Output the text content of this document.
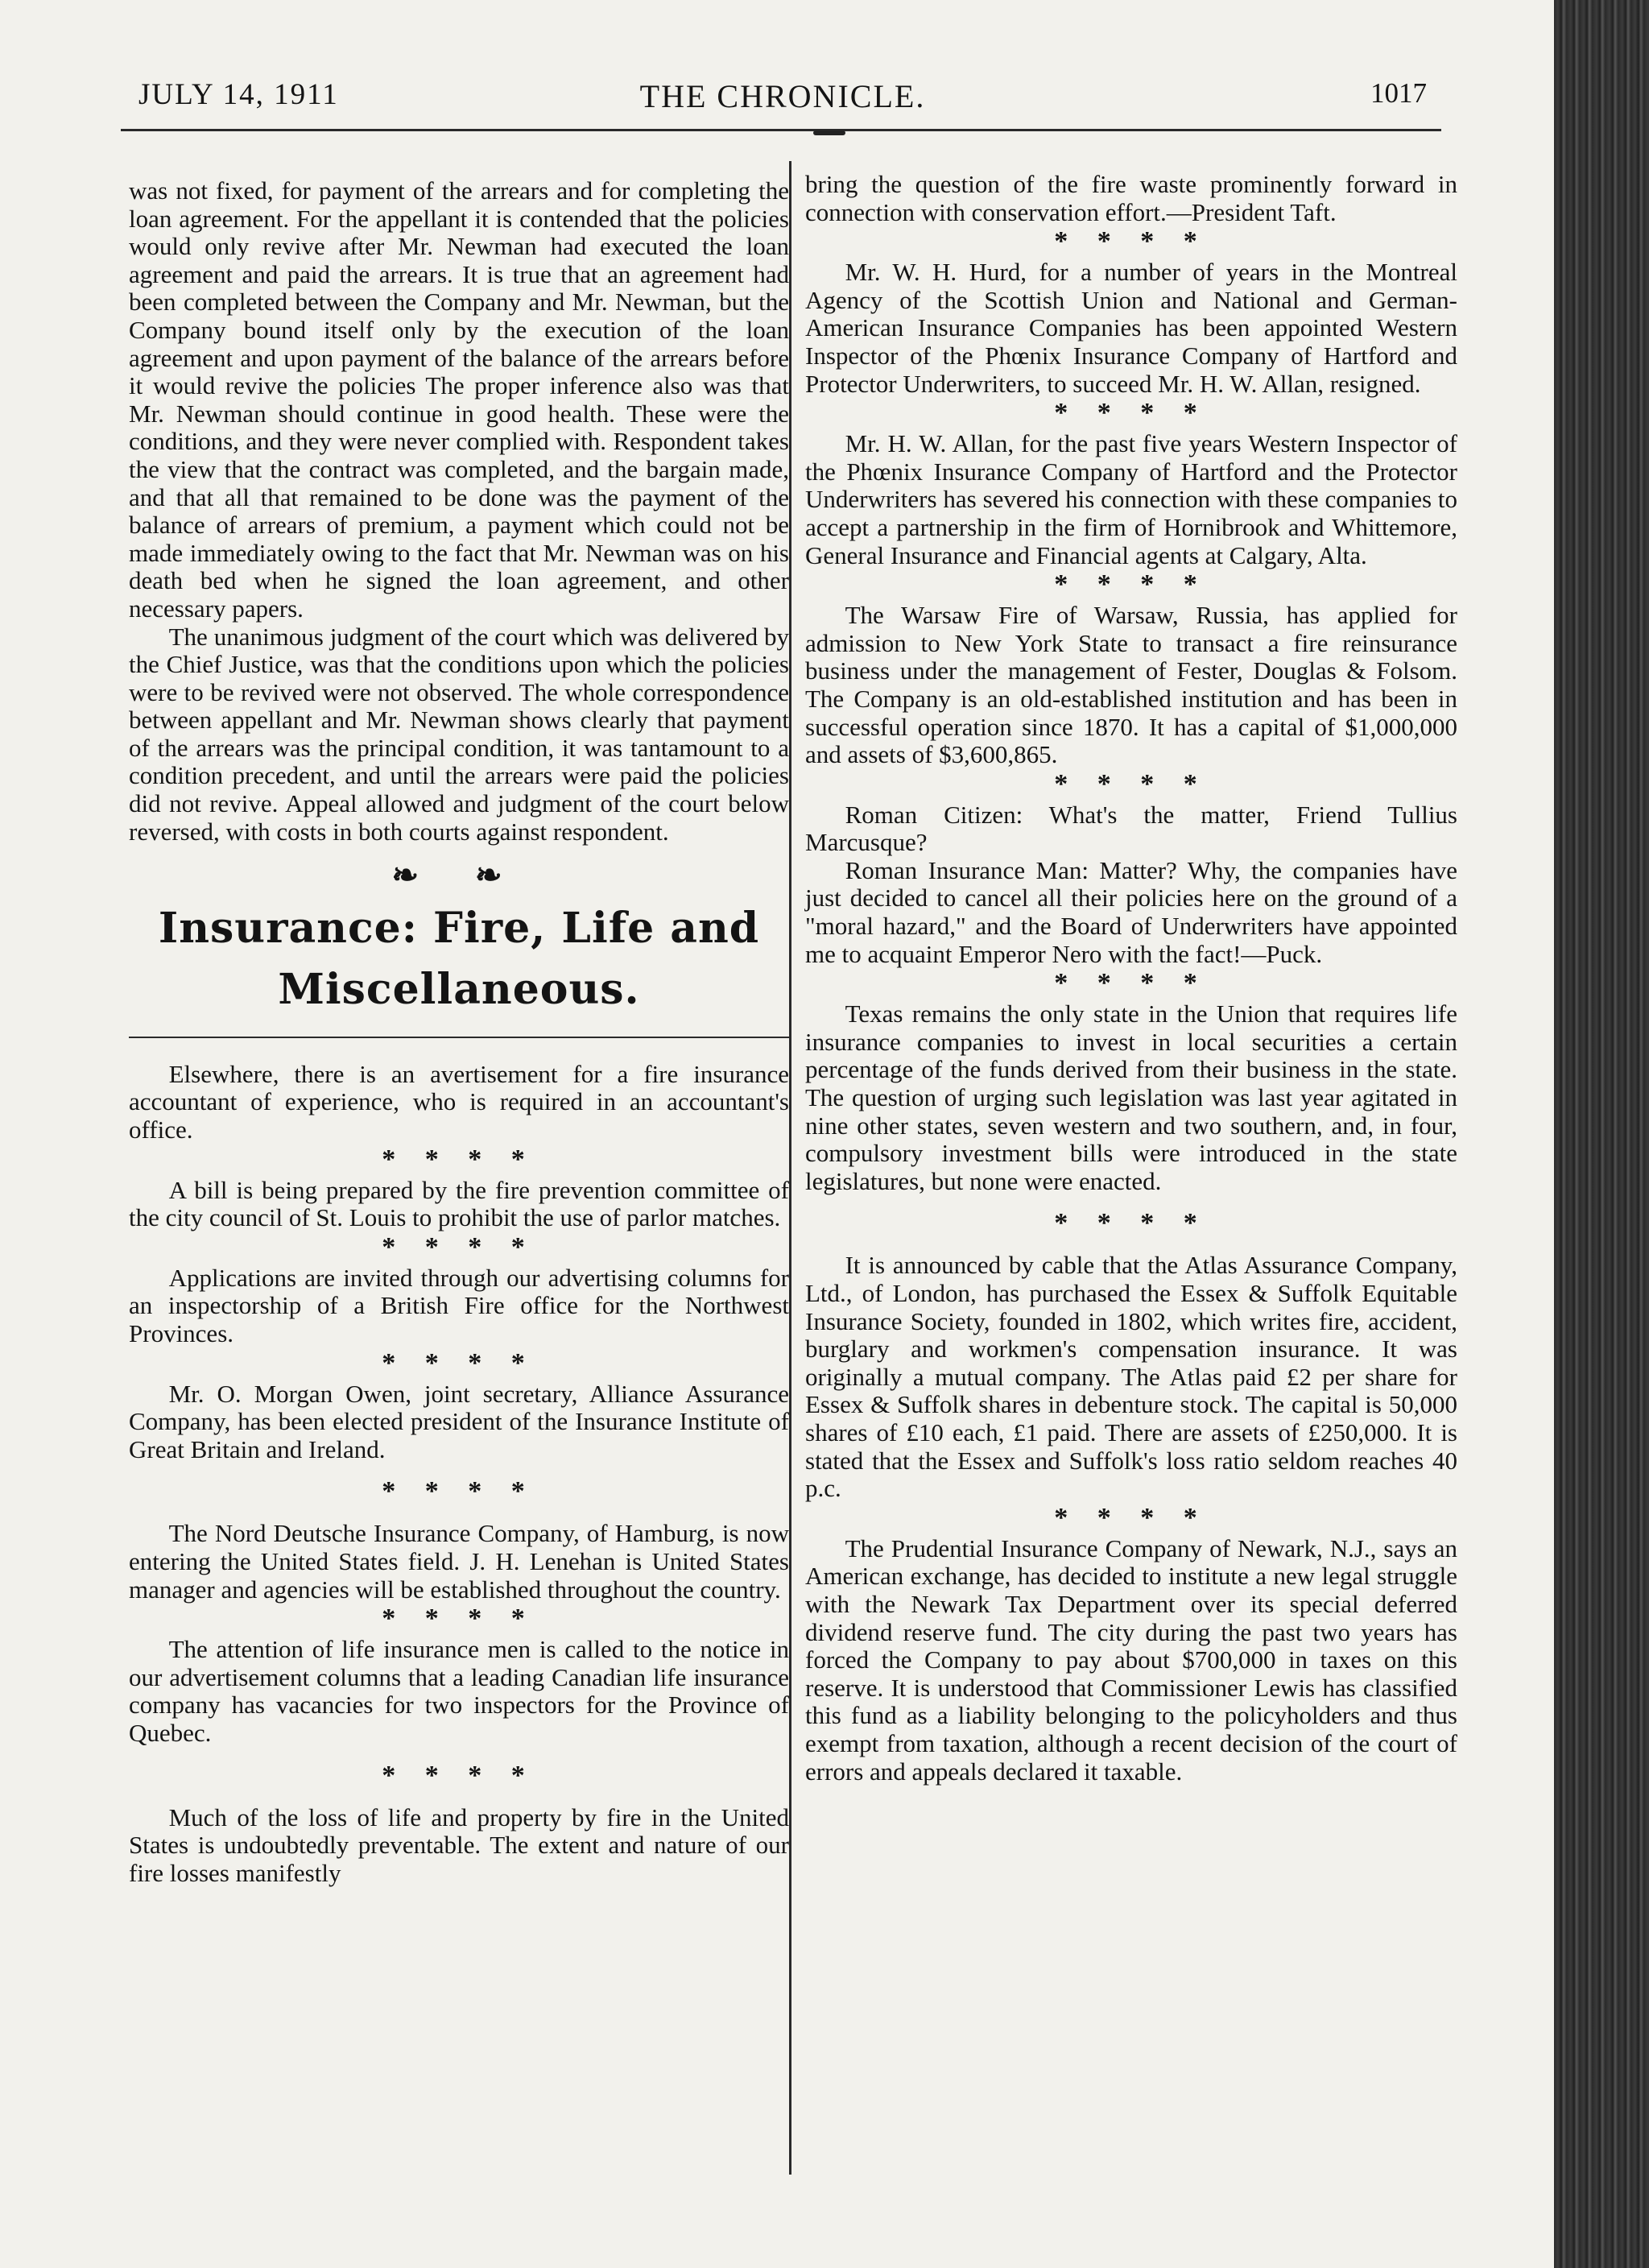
JULY 14, 1911	THE CHRONICLE.	1017

was not fixed, for payment of the arrears and for completing the loan agreement. For the appellant it is contended that the policies would only revive after Mr. Newman had executed the loan agreement and paid the arrears. It is true that an agreement had been completed between the Company and Mr. Newman, but the Company bound itself only by the execution of the loan agreement and upon payment of the balance of the arrears before it would revive the policies The proper inference also was that Mr. Newman should continue in good health. These were the conditions, and they were never complied with. Respondent takes the view that the contract was completed, and the bargain made, and that all that remained to be done was the payment of the balance of arrears of premium, a payment which could not be made immediately owing to the fact that Mr. Newman was on his death bed when he signed the loan agreement, and other necessary papers.

The unanimous judgment of the court which was delivered by the Chief Justice, was that the conditions upon which the policies were to be revived were not observed. The whole correspondence between appellant and Mr. Newman shows clearly that payment of the arrears was the principal condition, it was tantamount to a condition precedent, and until the arrears were paid the policies did not revive. Appeal allowed and judgment of the court below reversed, with costs in both courts against respondent.

❧ ❧
Insurance: Fire, Life and
Miscellaneous.

Elsewhere, there is an avertisement for a fire insurance accountant of experience, who is required in an accountant's office.

* * * *

A bill is being prepared by the fire prevention committee of the city council of St. Louis to prohibit the use of parlor matches.

* * * *

Applications are invited through our advertising columns for an inspectorship of a British Fire office for the Northwest Provinces.

* * * *

Mr. O. Morgan Owen, joint secretary, Alliance Assurance Company, has been elected president of the Insurance Institute of Great Britain and Ireland.

* * * *

The Nord Deutsche Insurance Company, of Hamburg, is now entering the United States field. J. H. Lenehan is United States manager and agencies will be established throughout the country.

* * * *

The attention of life insurance men is called to the notice in our advertisement columns that a leading Canadian life insurance company has vacancies for two inspectors for the Province of Quebec.

* * * *

Much of the loss of life and property by fire in the United States is undoubtedly preventable. The extent and nature of our fire losses manifestly

bring the question of the fire waste prominently forward in connection with conservation effort.—President Taft.

* * * *

Mr. W. H. Hurd, for a number of years in the Montreal Agency of the Scottish Union and National and German-American Insurance Companies has been appointed Western Inspector of the Phœnix Insurance Company of Hartford and Protector Underwriters, to succeed Mr. H. W. Allan, resigned.

* * * *

Mr. H. W. Allan, for the past five years Western Inspector of the Phœnix Insurance Company of Hartford and the Protector Underwriters has severed his connection with these companies to accept a partnership in the firm of Hornibrook and Whittemore, General Insurance and Financial agents at Calgary, Alta.

* * * *

The Warsaw Fire of Warsaw, Russia, has applied for admission to New York State to transact a fire reinsurance business under the management of Fester, Douglas & Folsom. The Company is an old-established institution and has been in successful operation since 1870. It has a capital of $1,000,000 and assets of $3,600,865.

* * * *

Roman Citizen: What's the matter, Friend Tullius Marcusque?

Roman Insurance Man: Matter? Why, the companies have just decided to cancel all their policies here on the ground of a "moral hazard," and the Board of Underwriters have appointed me to acquaint Emperor Nero with the fact!—Puck.

* * * *

Texas remains the only state in the Union that requires life insurance companies to invest in local securities a certain percentage of the funds derived from their business in the state. The question of urging such legislation was last year agitated in nine other states, seven western and two southern, and, in four, compulsory investment bills were introduced in the state legislatures, but none were enacted.

* * * *

It is announced by cable that the Atlas Assurance Company, Ltd., of London, has purchased the Essex & Suffolk Equitable Insurance Society, founded in 1802, which writes fire, accident, burglary and workmen's compensation insurance. It was originally a mutual company. The Atlas paid £2 per share for Essex & Suffolk shares in debenture stock. The capital is 50,000 shares of £10 each, £1 paid. There are assets of £250,000. It is stated that the Essex and Suffolk's loss ratio seldom reaches 40 p.c.

* * * *

The Prudential Insurance Company of Newark, N.J., says an American exchange, has decided to institute a new legal struggle with the Newark Tax Department over its special deferred dividend reserve fund. The city during the past two years has forced the Company to pay about $700,000 in taxes on this reserve. It is understood that Commissioner Lewis has classified this fund as a liability belonging to the policyholders and thus exempt from taxation, although a recent decision of the court of errors and appeals declared it taxable.
